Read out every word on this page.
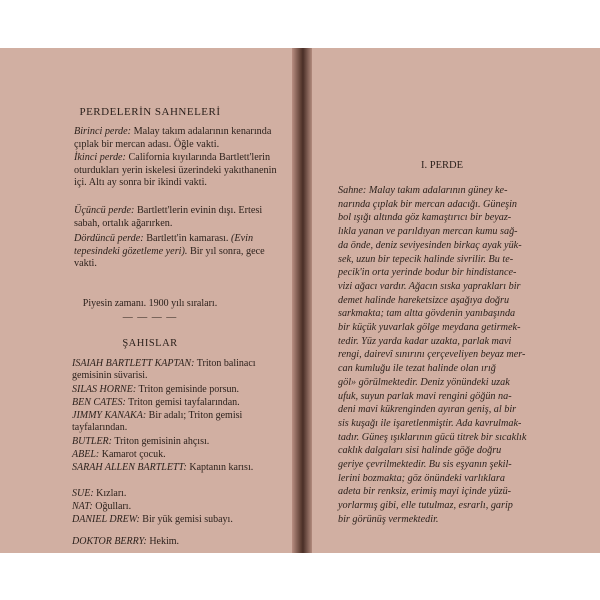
PERDELERİN SAHNELERİ
Birinci perde: Malay takım adalarının kenarında çıplak bir mercan adası. Öğle vakti.
İkinci perde: California kıyılarında Bartlett'lerin oturdukları yerin iskelesi üzerindeki yakıthanenin içi. Altı ay sonra bir ikindi vakti.
Üçüncü perde: Bartlett'lerin evinin dışı. Ertesi sabah, ortalık ağarırken.
Dördüncü perde: Bartlett'in kamarası. (Evin tepesindeki gözetleme yeri). Bir yıl sonra, gece vakti.
Piyesin zamanı. 1900 yılı sıraları.
— — — —
ŞAHISLAR
ISAIAH BARTLETT KAPTAN: Triton balinacı gemisinin süvarisi.
SILAS HORNE: Triton gemisinde porsun.
BEN CATES: Triton gemisi tayfalarından.
JIMMY KANAKA: Bir adalı; Triton gemisi tayfalarından.
BUTLER: Triton gemisinin ahçısı.
ABEL: Kamarot çocuk.
SARAH ALLEN BARTLETT: Kaptanın karısı.
SUE: Kızları.
NAT: Oğulları.
DANIEL DREW: Bir yük gemisi subayı.
DOKTOR BERRY: Hekim.
I. PERDE
Sahne: Malay takım adalarının güney ke-
narında çıplak bir mercan adacığı. Güneşin
bol ışığı altında göz kamaştırıcı bir beyaz-
lıkla yanan ve parıldıyan mercan kumu sağ-
da önde, deniz seviyesinden birkaç ayak yük-
sek, uzun bir tepecik halinde sivrilir. Bu te-
pecik'in orta yerinde bodur bir hindistance-
vizi ağacı vardır. Ağacın sıska yaprakları bir
demet halinde hareketsizce aşağıya doğru
sarkmakta; tam altta gövdenin yanıbaşında
bir küçük yuvarlak gölge meydana getirmek-
tedir. Yüz yarda kadar uzakta, parlak mavi
rengi, dairevî sınırını çerçeveliyen beyaz mer-
can kumluğu ile tezat halinde olan ırığ
göl» görülmektedir. Deniz yönündeki uzak
ufuk, suyun parlak mavi rengini göğün na-
deni mavi kükrenginden ayıran geniş, al bir
sis kuşağı ile işaretlenmiştir. Ada kavrulmak-
tadır. Güneş ışıklarının gücü titrek bir sıcaklık
caklık dalgaları sisi halinde göğe doğru
geriye çevrilmektedir. Bu sis eşyanın şekil-
lerini bozmakta; göz önündeki varlıklara
adeta bir renksiz, erimiş mayi içinde yüzü-
yorlarmış gibi, elle tutulmaz, esrarlı, garip
bir görünüş vermektedir.
